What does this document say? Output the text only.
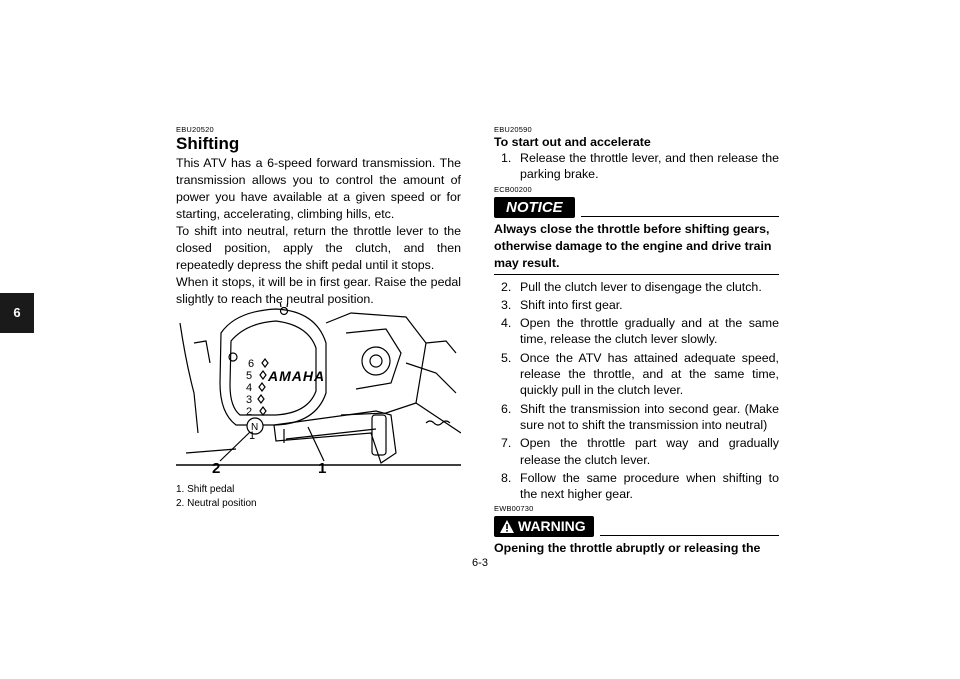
6
EBU20520
Shifting

This ATV has a 6-speed forward transmission. The transmission allows you to control the amount of power you have available at a given speed or for starting, accelerating, climbing hills, etc.

To shift into neutral, return the throttle lever to the closed position, apply the clutch, and then repeatedly depress the shift pedal until it stops.

When it stops, it will be in first gear. Raise the pedal slightly to reach the neutral position.

6
5
4
3
2
1
N
AMAHA
2	1
1. Shift pedal
2. Neutral position
EBU20590
To start out and accelerate
1. Release the throttle lever, and then release the parking brake.
ECB00200
NOTICE

Always close the throttle before shifting gears, otherwise damage to the engine and drive train may result.

2. Pull the clutch lever to disengage the clutch.
3. Shift into first gear.
4. Open the throttle gradually and at the same time, release the clutch lever slowly.
5. Once the ATV has attained adequate speed, release the throttle, and at the same time, quickly pull in the clutch lever.
6. Shift the transmission into second gear. (Make sure not to shift the transmission into neutral)
7. Open the throttle part way and gradually release the clutch lever.
8. Follow the same procedure when shifting to the next higher gear.
EWB00730
WARNING

Opening the throttle abruptly or releasing the

6-3
